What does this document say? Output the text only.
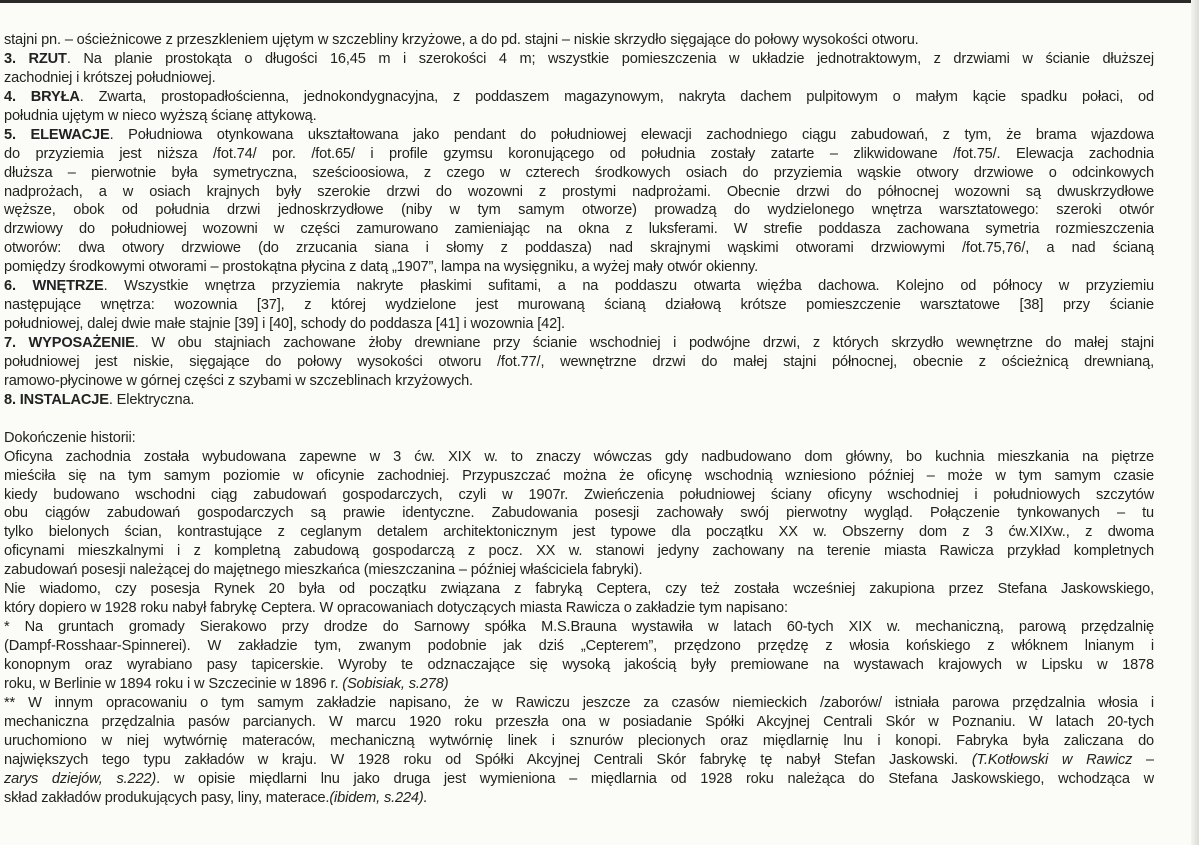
stajni pn. – ościeżnicowe z przeszkleniem ujętym w szczebliny krzyżowe, a do pd. stajni – niskie skrzydło sięgające do połowy wysokości otworu.
3. RZUT. Na planie prostokąta o długości 16,45 m i szerokości 4 m; wszystkie pomieszczenia w układzie jednotraktowym, z drzwiami w ścianie dłuższej
zachodniej i krótszej południowej.
4. BRYŁA. Zwarta, prostopadłościenna, jednokondygnacyjna, z poddaszem magazynowym, nakryta dachem pulpitowym o małym kącie spadku połaci, od
południa ujętym w nieco wyższą ścianę attykową.
5. ELEWACJE. Południowa otynkowana ukształtowana jako pendant do południowej elewacji zachodniego ciągu zabudowań, z tym, że brama wjazdowa
do przyziemia jest niższa /fot.74/ por. /fot.65/ i profile gzymsu koronującego od południa zostały zatarte – zlikwidowane /fot.75/. Elewacja zachodnia
dłuższa – pierwotnie była symetryczna, sześcioosiowa, z czego w czterech środkowych osiach do przyziemia wąskie otwory drzwiowe o odcinkowych
nadprożach, a w osiach krajnych były szerokie drzwi do wozowni z prostymi nadprożami. Obecnie drzwi do północnej wozowni są dwuskrzydłowe
węższe, obok od południa drzwi jednoskrzydłowe (niby w tym samym otworze) prowadzą do wydzielonego wnętrza warsztatowego: szeroki otwór
drzwiowy do południowej wozowni w części zamurowano zamieniając na okna z luksferami. W strefie poddasza zachowana symetria rozmieszczenia
otworów: dwa otwory drzwiowe (do zrzucania siana i słomy z poddasza) nad skrajnymi wąskimi otworami drzwiowymi /fot.75,76/, a nad ścianą
pomiędzy środkowymi otworami – prostokątna płycina z datą „1907”, lampa na wysięgniku, a wyżej mały otwór okienny.
6. WNĘTRZE. Wszystkie wnętrza przyziemia nakryte płaskimi sufitami, a na poddaszu otwarta więźba dachowa. Kolejno od północy w przyziemiu
następujące wnętrza: wozownia [37], z której wydzielone jest murowaną ścianą działową krótsze pomieszczenie warsztatowe [38] przy ścianie
południowej, dalej dwie małe stajnie [39] i [40], schody do poddasza [41] i wozownia [42].
7. WYPOSAŻENIE. W obu stajniach zachowane żłoby drewniane przy ścianie wschodniej i podwójne drzwi, z których skrzydło wewnętrzne do małej stajni
południowej jest niskie, sięgające do połowy wysokości otworu /fot.77/, wewnętrzne drzwi do małej stajni północnej, obecnie z ościeżnicą drewnianą,
ramowo-płycinowe w górnej części z szybami w szczeblinach krzyżowych.
8. INSTALACJE. Elektryczna.
Dokończenie historii:
Oficyna zachodnia została wybudowana zapewne w 3 ćw. XIX w. to znaczy wówczas gdy nadbudowano dom główny, bo kuchnia mieszkania na piętrze
mieściła się na tym samym poziomie w oficynie zachodniej. Przypuszczać można że oficynę wschodnią wzniesiono później – może w tym samym czasie
kiedy budowano wschodni ciąg zabudowań gospodarczych, czyli w 1907r. Zwieńczenia południowej ściany oficyny wschodniej i południowych szczytów
obu ciągów zabudowań gospodarczych są prawie identyczne. Zabudowania posesji zachowały swój pierwotny wygląd. Połączenie tynkowanych – tu
tylko bielonych ścian, kontrastujące z ceglanym detalem architektonicznym jest typowe dla początku XX w. Obszerny dom z 3 ćw.XIXw., z dwoma
oficynami mieszkalnymi i z kompletną zabudową gospodarczą z pocz. XX w. stanowi jedyny zachowany na terenie miasta Rawicza przykład kompletnych
zabudowań posesji należącej do majętnego mieszkańca (mieszczanina – później właściciela fabryki).
Nie wiadomo, czy posesja Rynek 20 była od początku związana z fabryką Ceptera, czy też została wcześniej zakupiona przez Stefana Jaskowskiego,
który dopiero w 1928 roku nabył fabrykę Ceptera. W opracowaniach dotyczących miasta Rawicza o zakładzie tym napisano:
* Na gruntach gromady Sierakowo przy drodze do Sarnowy spółka M.S.Brauna wystawiła w latach 60-tych XIX w. mechaniczną, parową przędzalnię
(Dampf-Rosshaar-Spinnerei). W zakładzie tym, zwanym podobnie jak dziś „Cepterem”, przędzono przędzę z włosia końskiego z włóknem lnianym i
konopnym oraz wyrabiano pasy tapicerskie. Wyroby te odznaczające się wysoką jakością były premiowane na wystawach krajowych w Lipsku w 1878
roku, w Berlinie w 1894 roku i w Szczecinie w 1896 r. (Sobisiak, s.278)
** W innym opracowaniu o tym samym zakładzie napisano, że w Rawiczu jeszcze za czasów niemieckich /zaborów/ istniała parowa przędzalnia włosia i
mechaniczna przędzalnia pasów parcianych. W marcu 1920 roku przeszła ona w posiadanie Spółki Akcyjnej Centrali Skór w Poznaniu. W latach 20-tych
uruchomiono w niej wytwórnię materaców, mechaniczną wytwórnię linek i sznurów plecionych oraz międlarnię lnu i konopi. Fabryka była zaliczana do
największych tego typu zakładów w kraju. W 1928 roku od Spółki Akcyjnej Centrali Skór fabrykę tę nabył Stefan Jaskowski. (T.Kotłowski w Rawicz –
zarys dziejów, s.222). w opisie międlarni lnu jako druga jest wymieniona – międlarnia od 1928 roku należąca do Stefana Jaskowskiego, wchodząca w
skład zakładów produkujących pasy, liny, materace.(ibidem, s.224).
